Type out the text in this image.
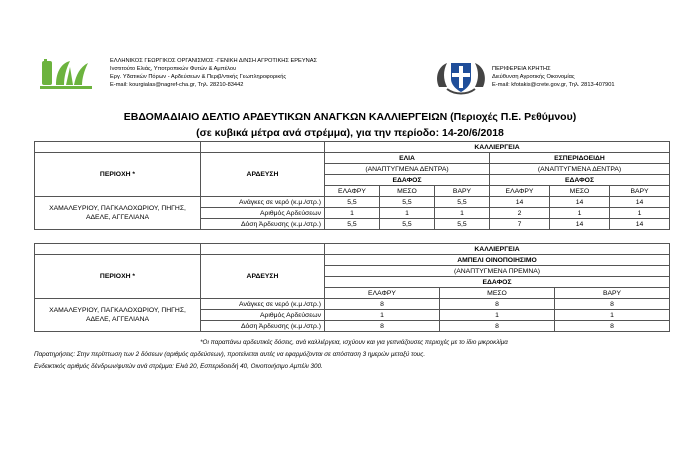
ΕΛΛΗΝΙΚΟΣ ΓΕΩΡΓΙΚΟΣ ΟΡΓΑΝΙΣΜΟΣ -ΓΕΝΙΚΗ Δ/ΝΣΗ ΑΓΡΟΤΙΚΗΣ ΕΡΕΥΝΑΣ
Ινστιτούτο Ελιάς, Υποτροπικών Φυτών & Αμπέλου
Εργ. Υδατικών Πόρων - Αρδεύσεων & Περιβ/ντικής Γεωπληροφορικής
E-mail: kourgialas@nagref-cha.gr, Τηλ. 28210-83442
ΠΕΡΙΦΕΡΕΙΑ ΚΡΗΤΗΣ
Διεύθυνση Αγροτικής Οικονομίας
E-mail: kfotakis@crete.gov.gr, Τηλ. 2813-407901
ΕΒΔΟΜΑΔΙΑΙΟ ΔΕΛΤΙΟ ΑΡΔΕΥΤΙΚΩΝ ΑΝΑΓΚΩΝ ΚΑΛΛΙΕΡΓΕΙΩΝ (Περιοχές Π.Ε. Ρεθύμνου)
(σε κυβικά μέτρα ανά στρέμμα), για την περίοδο: 14-20/6/2018
		ΚΑΛΛΙΕΡΓΕΙΑ					
ΠΕΡΙΟΧΗ *	ΑΡΔΕΥΣΗ	ΕΛΙΑ			ΕΣΠΕΡΙΔΟΕΙΔΗ		
		(ΑΝΑΠΤΥΓΜΕΝΑ ΔΕΝΤΡΑ)			(ΑΝΑΠΤΥΓΜΕΝΑ ΔΕΝΤΡΑ)		
		ΕΔΑΦΟΣ			ΕΔΑΦΟΣ		
		ΕΛΑΦΡΥ	ΜΕΣΟ	ΒΑΡΥ	ΕΛΑΦΡΥ	ΜΕΣΟ	ΒΑΡΥ
ΧΑΜΑΛΕΥΡΙΟΥ, ΠΑΓΚΑΛΟΧΩΡΙΟΥ, ΠΗΓΗΣ, ΑΔΕΛΕ, ΑΓΓΕΛΙΑΝΑ	Ανάγκες σε νερό (κ.μ./στρ.)	5,5	5,5	5,5	14	14	14
	Αριθμός Αρδεύσεων	1	1	1	2	1	1
	Δόση Άρδευσης (κ.μ./στρ.)	5,5	5,5	5,5	7	14	14
		ΚΑΛΛΙΕΡΓΕΙΑ		
ΠΕΡΙΟΧΗ *	ΑΡΔΕΥΣΗ	ΑΜΠΕΛΙ ΟΙΝΟΠΟΙΗΣΙΜΟ		
		(ΑΝΑΠΤΥΓΜΕΝΑ ΠΡΕΜΝΑ)		
		ΕΔΑΦΟΣ		
		ΕΛΑΦΡΥ	ΜΕΣΟ	ΒΑΡΥ
ΧΑΜΑΛΕΥΡΙΟΥ, ΠΑΓΚΑΛΟΧΩΡΙΟΥ, ΠΗΓΗΣ, ΑΔΕΛΕ, ΑΓΓΕΛΙΑΝΑ	Ανάγκες σε νερό (κ.μ./στρ.)	8	8	8
	Αριθμός Αρδεύσεων	1	1	1
	Δόση Άρδευσης (κ.μ./στρ.)	8	8	8
*Οι παραπάνω αρδευτικές δόσεις, ανά καλλιέργεια, ισχύουν και για γειτνιάζουσες περιοχές με το ίδιο μικροκλίμα
Παρατηρήσεις: Στην περίπτωση των 2 δόσεων (αριθμός αρδεύσεων), προτείνεται αυτές να εφαρμόζονται σε απόσταση 3 ημερών μεταξύ τους.
Ενδεικτικός αριθμός δένδρων/φυτών ανά στρέμμα: Ελιά 20, Εσπεριδοειδή 40, Οινοποιήσιμο Αμπέλι 300.
